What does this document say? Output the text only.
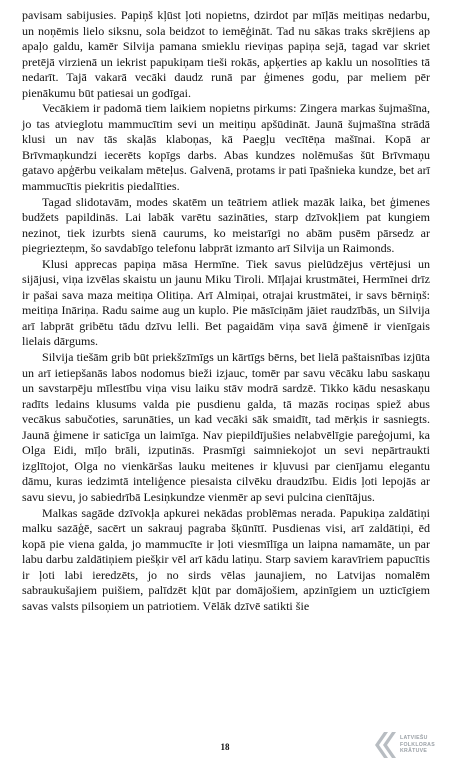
pavisam sabijusies. Papiņš kļūst ļoti nopietns, dzirdot par mīļās meitiņas nedarbu, un noņēmis lielo siksnu, sola beidzot to iemēģināt. Tad nu sākas traks skrējiens ap apaļo galdu, kamēr Silvija pamana smieklu rieviņas papiņa sejā, tagad var skriet pretējā virzienā un iekrist papukiņam tieši rokās, apķerties ap kaklu un nosolīties tā nedarīt. Tajā vakarā vecāki daudz runā par ģimenes godu, par meliem pēr pienākumu būt patiesai un godīgai.

Vecākiem ir padomā tiem laikiem nopietns pirkums: Zingera markas šujmašīna, jo tas atvieglotu mammucītim sevi un meitiņu apšūdināt. Jaunā šujmašīna strādā klusi un nav tās skaļās klaboņas, kā Paegļu vecītēņa mašīnai. Kopā ar Brīvmaņkundzi iecerēts kopīgs darbs. Abas kundzes nolēmušas šūt Brīvmaņu gatavo apģērbu veikalam mēteļus. Galvenā, protams ir pati īpašnieka kundze, bet arī mammucītis piekritis piedalīties.

Tagad slidotavām, modes skatēm un teātriem atliek mazāk laika, bet ģimenes budžets papildinās. Lai labāk varētu sazināties, starp dzīvokļiem pat kungiem nezinot, tiek izurbts sienā caurums, ko meistarīgi no abām pusēm pārsedz ar piegriezteņm, šo savdabīgo telefonu labprāt izmanto arī Silvija un Raimonds.

Klusi apprecas papiņa māsa Hermīne. Tiek savus pielūdzējus vērtējusi un sijājusi, viņa izvēlas skaistu un jaunu Miku Tiroli. Mīļajai krustmātei, Hermīnei drīz ir pašai sava maza meitiņa Olitiņa. Arī Almiņai, otrajai krustmātei, ir savs bērniņš: meitiņa Ināriņa. Radu saime aug un kuplo. Pie māsīciņām jāiet raudzībās, un Silvija arī labprāt gribētu tādu dzīvu lelli. Bet pagaidām viņa savā ģimenē ir vienīgais lielais dārgums.

Silvija tiešām grib būt priekšzīmīgs un kārtīgs bērns, bet lielā paštaisnības izjūta un arī ietiepšanās labos nodomus bieži izjauc, tomēr par savu vēcāku labu saskaņu un savstarpēju mīlestību viņa visu laiku stāv modrā sardzē. Tikko kādu nesaskaņu radīts ledains klusums valda pie pusdienu galda, tā mazās rociņas spiež abus vecākus sabučoties, sarunāties, un kad vecāki sāk smaidīt, tad mērķis ir sasniegts. Jaunā ģimene ir saticīga un laimīga. Nav piepildījušies nelabvēlīgie pareģojumi, ka Olga Eidi, mīļo brāli, izputinās. Prasmīgi saimniekojot un sevi nepārtraukti izglītojot, Olga no vienkāršas lauku meitenes ir kļuvusi par cienījamu elegantu dāmu, kuras iedzimtā inteliģence piesaista cilvēku draudzību. Eidis ļoti lepojās ar savu sievu, jo sabiedrībā Lesiņkundze vienmēr ap sevi pulcina cienītājus.

Malkas sagāde dzīvokļa apkurei nekādas problēmas nerada. Papukiņa zaldātiņi malku sazāģē, sacērt un sakrauj pagraba šķūnītī. Pusdienas visi, arī zaldātiņi, ēd kopā pie viena galda, jo mammucīte ir ļoti viesmīlīga un laipna namamāte, un par labu darbu zaldātiņiem piešķir vēl arī kādu latiņu. Starp saviem karavīriem papucītis ir ļoti labi ieredzēts, jo no sirds vēlas jaunajiem, no Latvijas nomalēm sabraukušajiem puišiem, palīdzēt kļūt par domājošiem, apzinīgiem un uzticīgiem savas valsts pilsoņiem un patriotiem. Vēlāk dzīvē satikti šie

18
LATVIEŠU
FOLKLORAS
KRĀTUVE
